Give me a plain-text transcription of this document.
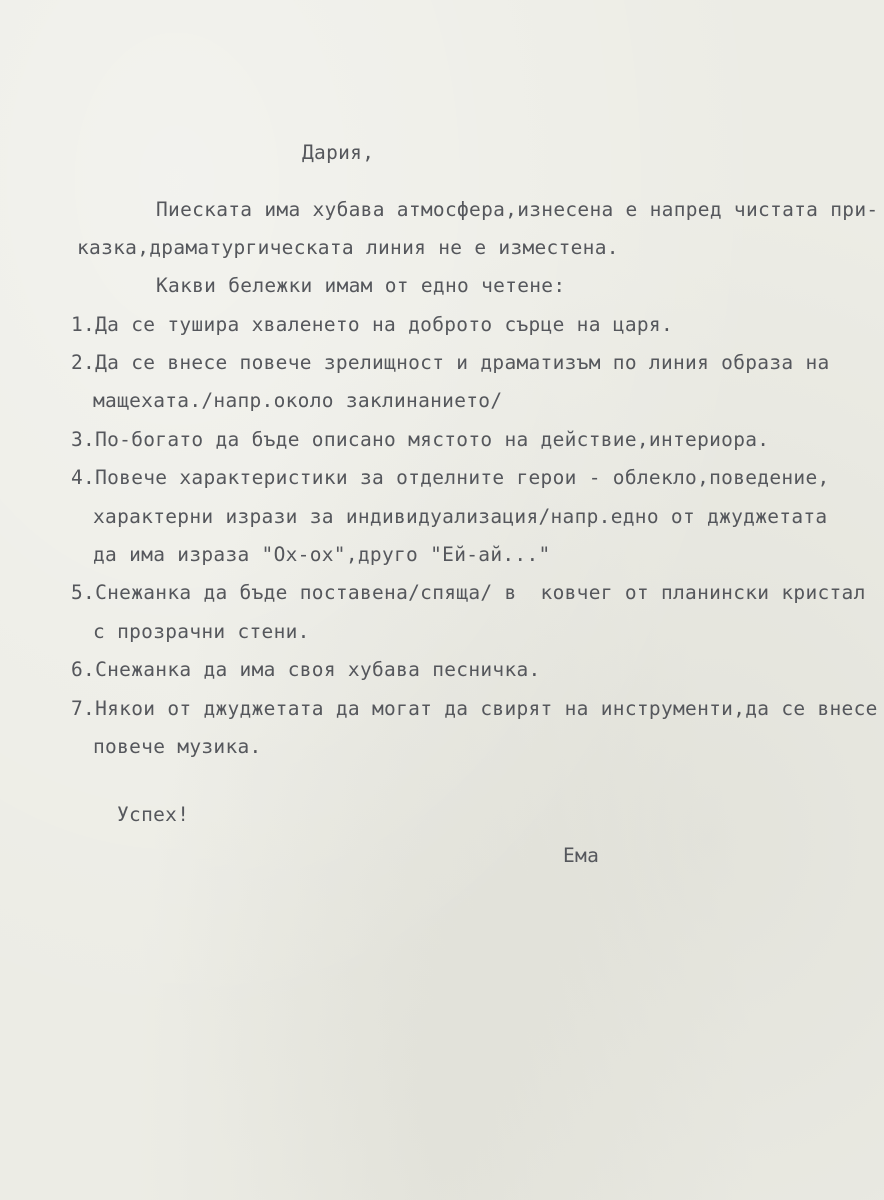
Дария,
Пиеската има хубава атмосфера,изнесена е напред чистата при-
казка,драматургическата линия не е изместена.
Какви бележки имам от едно четене:
1.Да се тушира хваленето на доброто сърце на царя.
2.Да се внесе повече зрелищност и драматизъм по линия образа на
мащехата./напр.около заклинанието/
3.По-богато да бъде описано мястото на действие,интериора.
4.Повече характеристики за отделните герои - облекло,поведение,
характерни изрази за индивидуализация/напр.едно от джуджетата
да има израза "Ох-ох",друго "Ей-ай..."
5.Снежанка да бъде поставена/спяща/ в  ковчег от планински кристал
с прозрачни стени.
6.Снежанка да има своя хубава песничка.
7.Някои от джуджетата да могат да свирят на инструменти,да се внесе
повече музика.
Успех!
Ема
